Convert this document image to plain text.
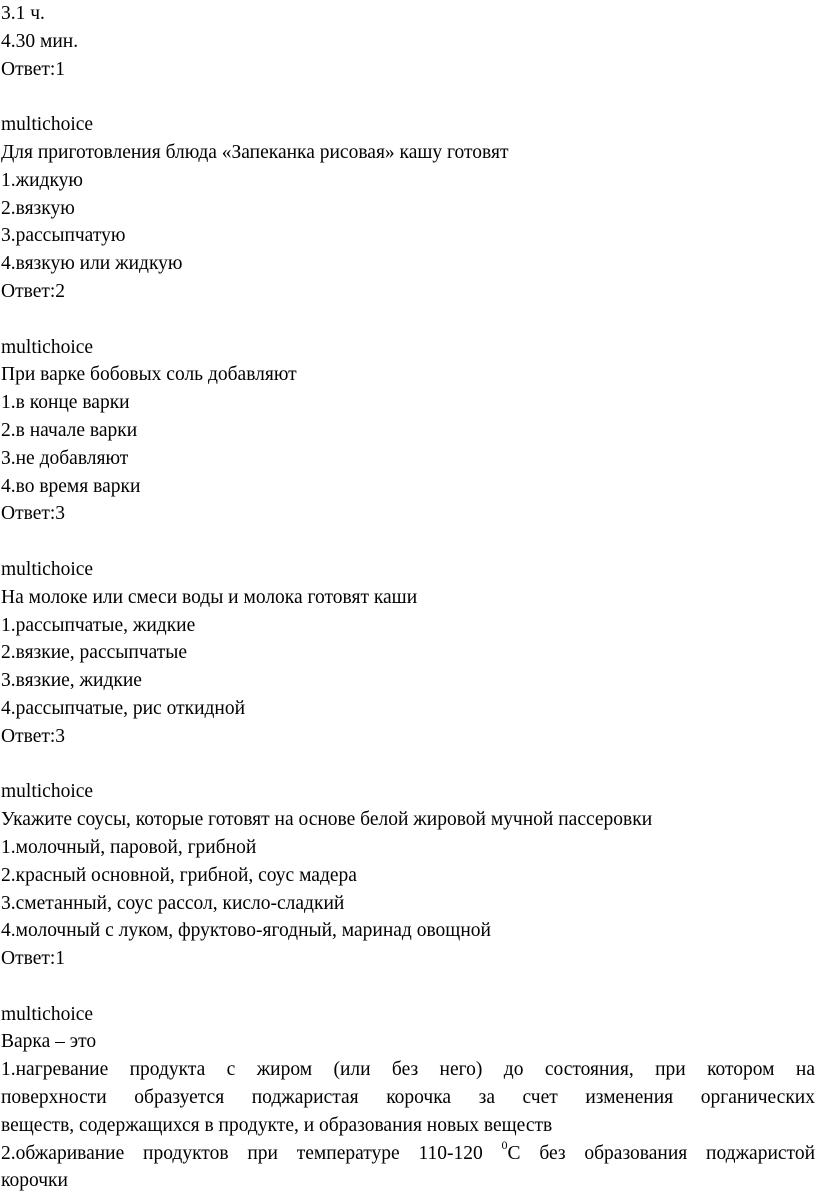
3.1 ч.
4.30 мин.
Ответ:1
multichoice
Для приготовления блюда «Запеканка рисовая» кашу готовят
1.жидкую
2.вязкую
3.рассыпчатую
4.вязкую или жидкую
Ответ:2
multichoice
При варке бобовых соль добавляют
1.в конце варки
2.в начале варки
3.не добавляют
4.во время варки
Ответ:3
multichoice
На молоке или смеси воды и молока готовят каши
1.рассыпчатые, жидкие
2.вязкие, рассыпчатые
3.вязкие, жидкие
4.рассыпчатые, рис откидной
Ответ:3
multichoice
Укажите соусы, которые готовят на основе белой жировой мучной пассеровки
1.молочный, паровой, грибной
2.красный основной, грибной, соус мадера
3.сметанный, соус рассол, кисло-сладкий
4.молочный с луком, фруктово-ягодный, маринад овощной
Ответ:1
multichoice
Варка – это
1.нагревание продукта с жиром (или без него) до состояния, при котором на
поверхности образуется поджаристая корочка за счет изменения органических
веществ, содержащихся в продукте, и образования новых веществ
2.обжаривание продуктов при температуре 110-120 $^0$С без образования поджаристой
корочки
